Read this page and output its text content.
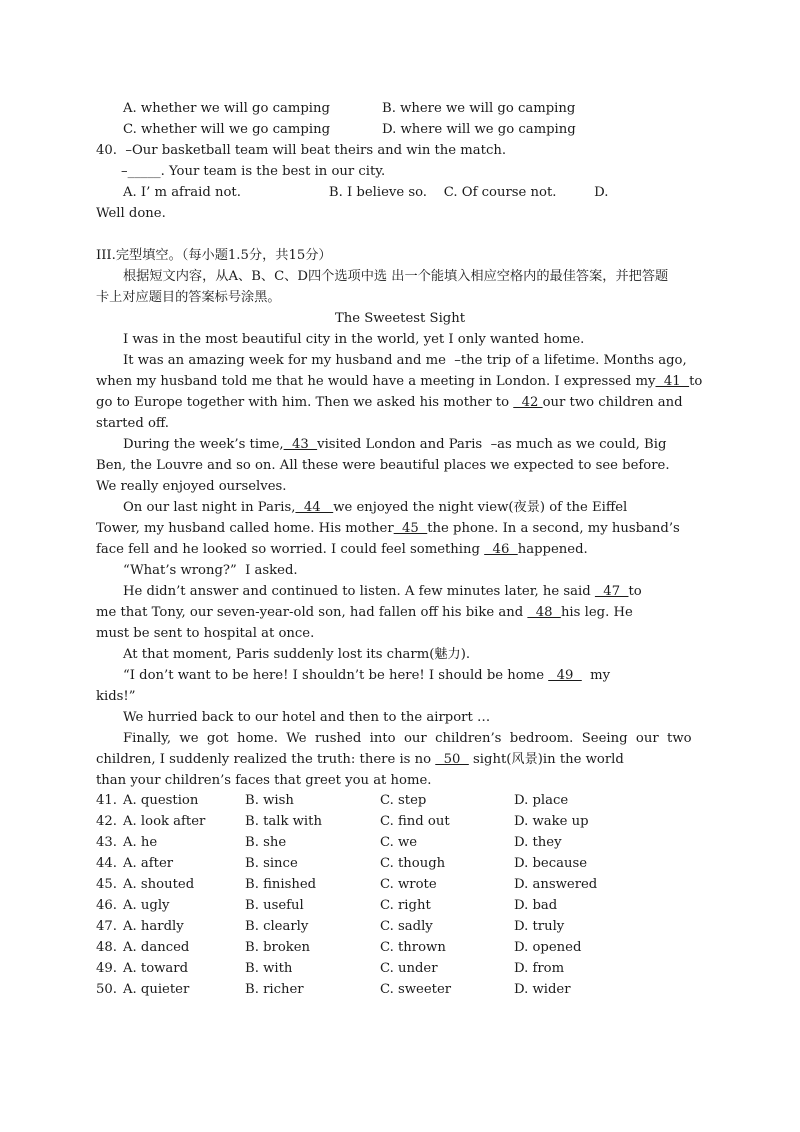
A. whether we will go camping	B. where we will go camping
C. whether will we go camping	D. where will we go camping
40.  –Our basketball team will beat theirs and win the match.
–_____. Your team is the best in our city.
A. I’ m afraid not.                     B. I believe so.    C. Of course not.         D.
Well done.
III.完型填空。（每小题1.5分，共15分）
根据短文内容，从A、B、C、D四个选项中选 出一个能填入相应空格内的最佳答案，并把答题
卡上对应题目的答案标号涂黑。
The Sweetest Sight
I was in the most beautiful city in the world, yet I only wanted home.
It was an amazing week for my husband and me  –the trip of a lifetime. Months ago,
when my husband told me that he would have a meeting in London. I expressed my  41  to
go to Europe together with him. Then we asked his mother to   42 our two children and
started off.
During the week’s time,  43  visited London and Paris  –as much as we could, Big
Ben, the Louvre and so on. All these were beautiful places we expected to see before.
We really enjoyed ourselves.
On our last night in Paris,  44   we enjoyed the night view(夜景) of the Eiffel
Tower, my husband called home. His mother  45  the phone. In a second, my husband’s
face fell and he looked so worried. I could feel something   46  happened.
“What’s wrong?”  I asked.
He didn’t answer and continued to listen. A few minutes later, he said   47  to
me that Tony, our seven-year-old son, had fallen off his bike and   48  his leg. He
must be sent to hospital at once.
At that moment, Paris suddenly lost its charm(魅力).
“I don’t want to be here! I shouldn’t be here! I should be home   49    my
kids!”
We hurried back to our hotel and then to the airport …
Finally,  we  got  home.  We  rushed  into  our  children’s  bedroom.  Seeing  our  two
children, I suddenly realized the truth: there is no   50   sight(风景)in the world
than your children’s faces that greet you at home.
41. A. question	B. wish	C. step	D. place
42. A. look after	B. talk with	C. find out	D. wake up
43. A. he	B. she	C. we	D. they
44. A. after	B. since	C. though	D. because
45. A. shouted	B. finished	C. wrote	D. answered
46. A. ugly	B. useful	C. right	D. bad
47. A. hardly	B. clearly	C. sadly	D. truly
48. A. danced	B. broken	C. thrown	D. opened
49. A. toward	B. with	C. under	D. from
50. A. quieter	B. richer	C. sweeter	D. wider
